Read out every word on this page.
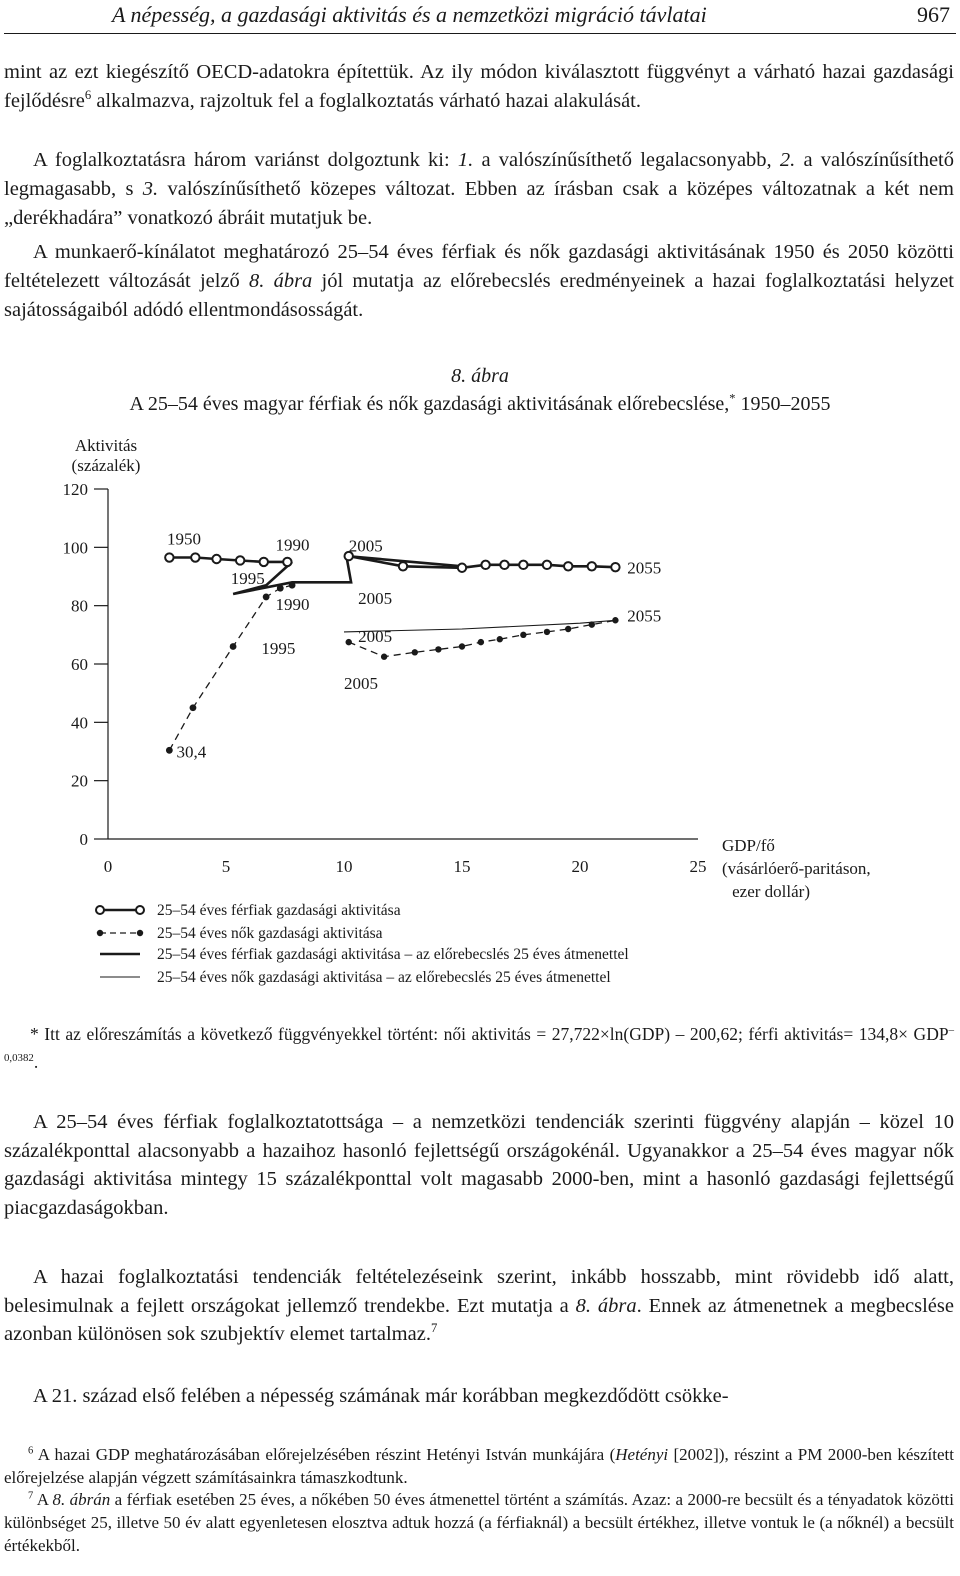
A népesség, a gazdasági aktivitás és a nemzetközi migráció távlatai	967

mint az ezt kiegészítő OECD-adatokra építettük. Az ily módon kiválasztott függvényt a várható hazai gazdasági fejlődésre$^6$ alkalmazva, rajzoltuk fel a foglalkoztatás várható hazai alakulását.

A foglalkoztatásra három variánst dolgoztunk ki: 1. a valószínűsíthető legalacsonyabb, 2. a valószínűsíthető legmagasabb, s 3. valószínűsíthető közepes változat. Ebben az írásban csak a középes változatnak a két nem „derékhadára” vonatkozó ábráit mutatjuk be.

A munkaerő-kínálatot meghatározó 25–54 éves férfiak és nők gazdasági aktivitásának 1950 és 2050 közötti feltételezett változását jelző 8. ábra jól mutatja az előrebecslés eredményeinek a hazai foglalkoztatási helyzet sajátosságaiból adódó ellentmondásosságát.

8. ábra
A 25–54 éves magyar férfiak és nők gazdasági aktivitásának előrebecslése,* 1950–2055
0
20
40
60
80
100
120
0	5	10	15	20	25
Aktivitás
(százalék)
GDP/fő
(vásárlóerő-paritáson,
ezer dollár)
1950	1990 2005
1995
1990	2005
1995
2005
2005
2055
2055
30,4
25–54 éves férfiak gazdasági aktivitása
25–54 éves nők gazdasági aktivitása
25–54 éves férfiak gazdasági aktivitása – az előrebecslés 25 éves átmenettel
25–54 éves nők gazdasági aktivitása – az előrebecslés 25 éves átmenettel

* Itt az előreszámítás a következő függvényekkel történt: női aktivitás = 27,722×ln(GDP) – 200,62; férfi aktivitás= $134,8\times GDP^{-0,0382}$.

A 25–54 éves férfiak foglalkoztatottsága – a nemzetközi tendenciák szerinti függvény alapján – közel 10 százalékponttal alacsonyabb a hazaihoz hasonló fejlettségű országokénál. Ugyanakkor a 25–54 éves magyar nők gazdasági aktivitása mintegy 15 százalékponttal volt magasabb 2000-ben, mint a hasonló gazdasági fejlettségű piacgazdaságokban.

A hazai foglalkoztatási tendenciák feltételezéseink szerint, inkább hosszabb, mint rövidebb idő alatt, belesimulnak a fejlett országokat jellemző trendekbe. Ezt mutatja a 8. ábra. Ennek az átmenetnek a megbecslése azonban különösen sok szubjektív elemet tartalmaz.$^7$

A 21. század első felében a népesség számának már korábban megkezdődött csökke-

$^6$ A hazai GDP meghatározásában előrejelzésében részint Hetényi István munkájára (Hetényi [2002]), részint a PM 2000-ben készített előrejelzése alapján végzett számításainkra támaszkodtunk.

$^7$ A 8. ábrán a férfiak esetében 25 éves, a nőkében 50 éves átmenettel történt a számítás. Azaz: a 2000-re becsült és a tényadatok közötti különbséget 25, illetve 50 év alatt egyenletesen elosztva adtuk hozzá (a férfiaknál) a becsült értékhez, illetve vontuk le (a nőknél) a becsült értékekből.
